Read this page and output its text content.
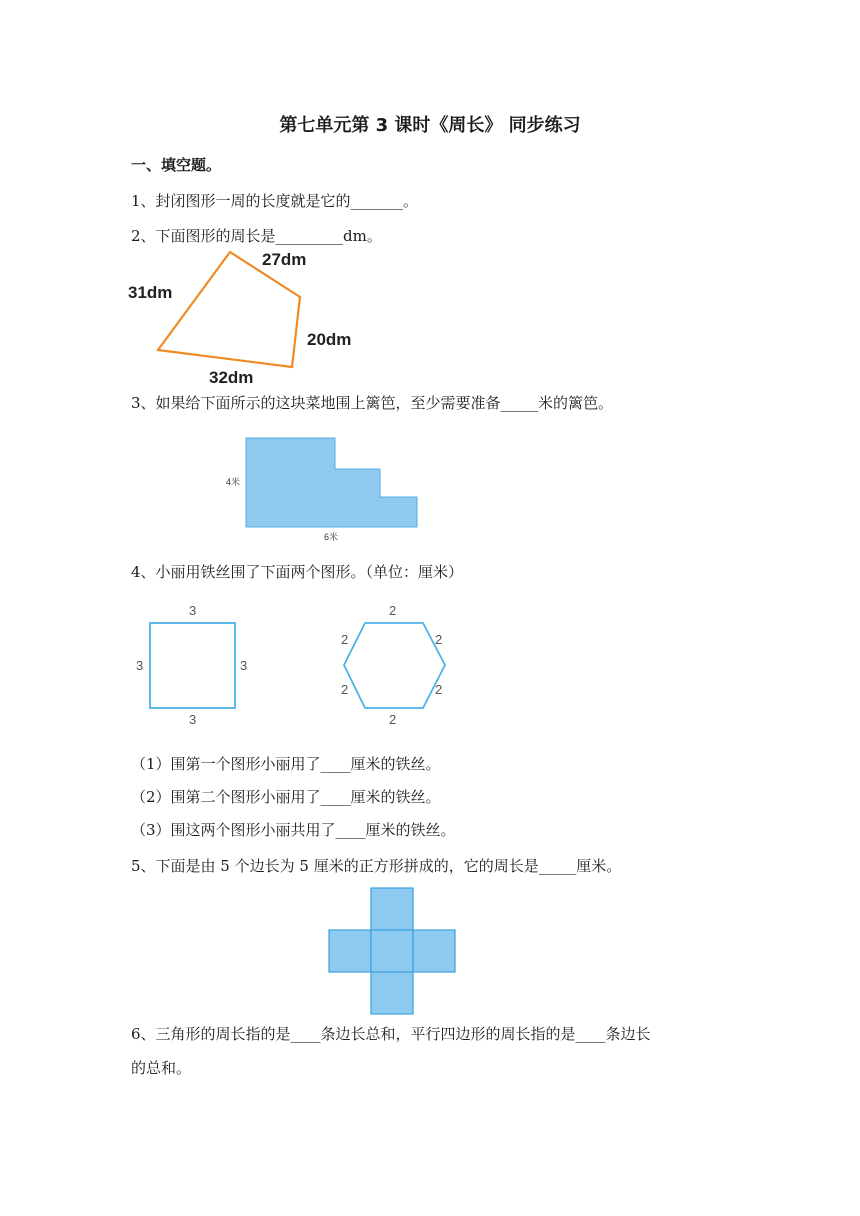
第七单元第 3 课时《周长》 同步练习
一、填空题。
1、封闭图形一周的长度就是它的_______。
2、下面图形的周长是_________dm。
31dm
27dm
20dm
32dm
3、如果给下面所示的这块菜地围上篱笆，至少需要准备_____米的篱笆。
4米
6米
4、小丽用铁丝围了下面两个图形。（单位：厘米）
3
3	3
3
2
2	2
2	2
2
（1）围第一个图形小丽用了____厘米的铁丝。
（2）围第二个图形小丽用了____厘米的铁丝。
（3）围这两个图形小丽共用了____厘米的铁丝。
5、下面是由 5 个边长为 5 厘米的正方形拼成的，它的周长是_____厘米。
6、三角形的周长指的是____条边长总和，平行四边形的周长指的是____条边长
的总和。
